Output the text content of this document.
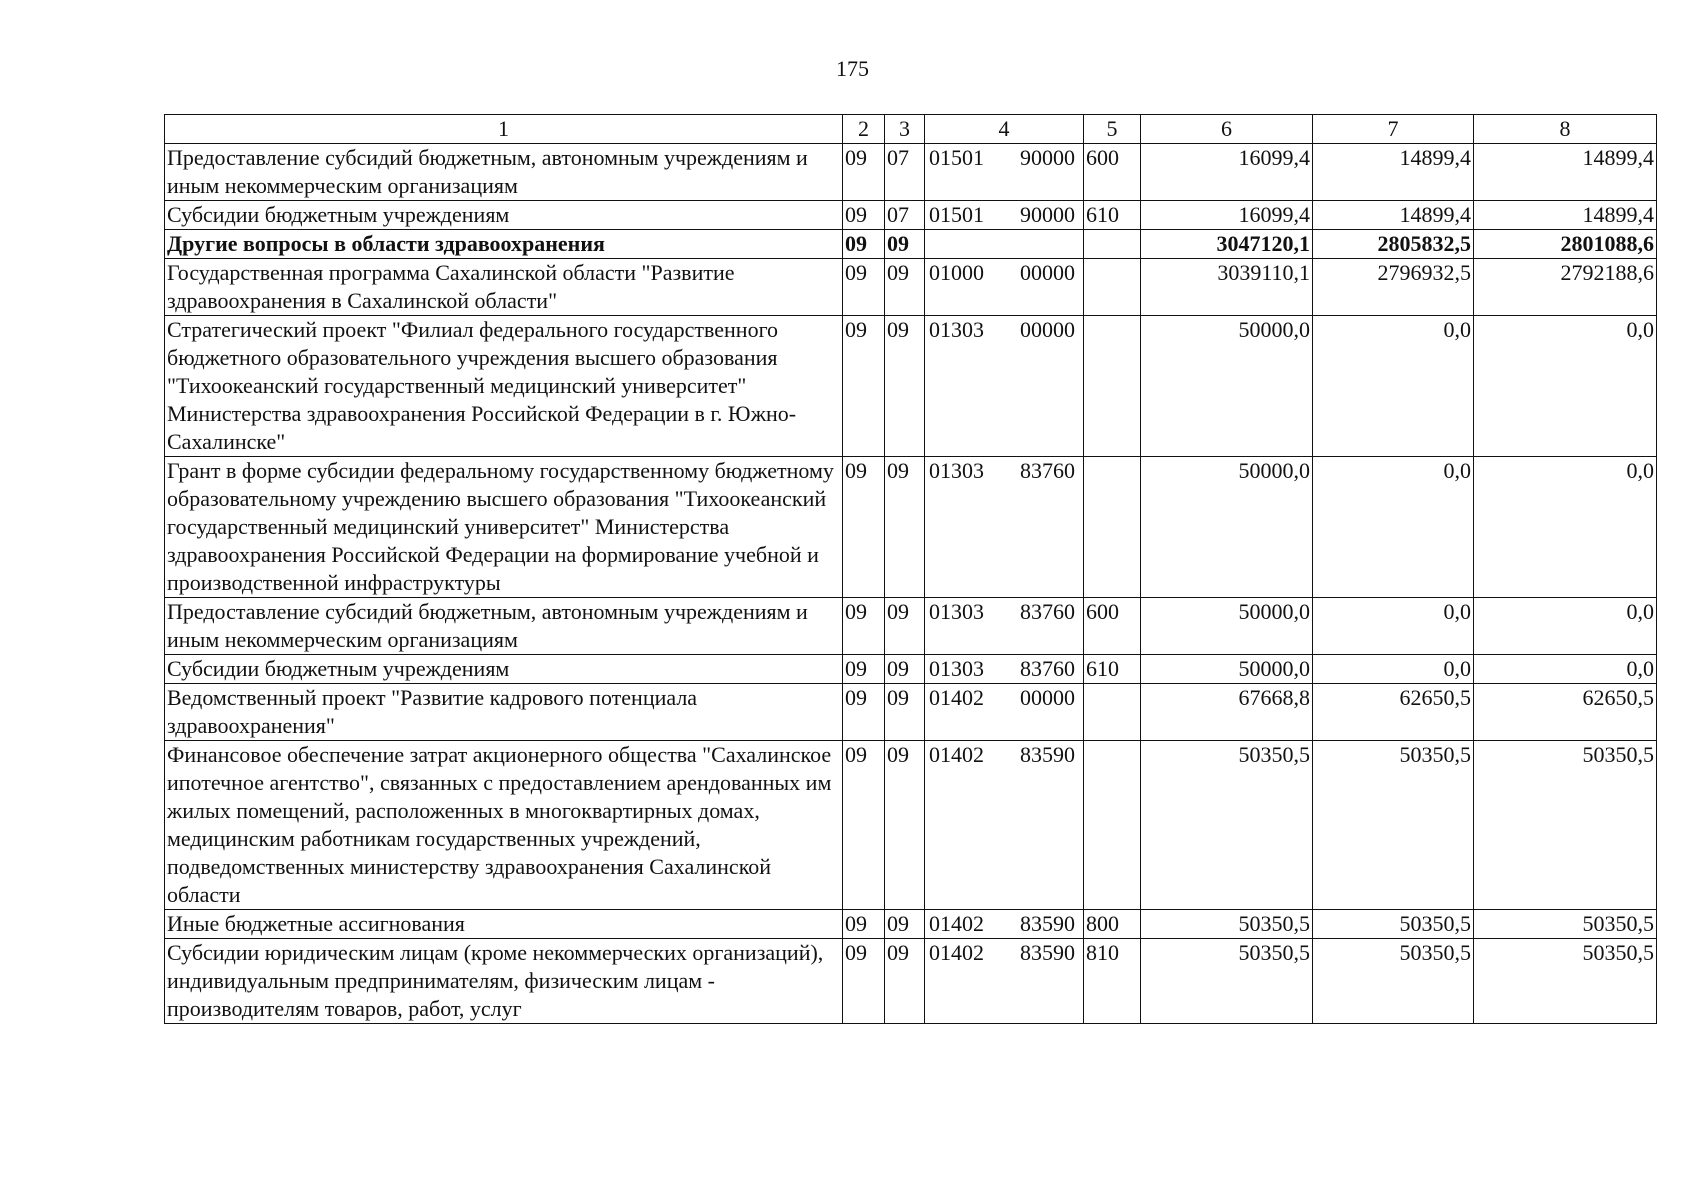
175
1	2	3	4	5	6	7	8
Предоставление субсидий бюджетным, автономным учреждениям и иным некоммерческим организациям	09	07	01501 90000	600	16099,4	14899,4	14899,4
Субсидии бюджетным учреждениям	09	07	01501 90000	610	16099,4	14899,4	14899,4
Другие вопросы в области здравоохранения	09	09			3047120,1	2805832,5	2801088,6
Государственная программа Сахалинской области "Развитие здравоохранения в Сахалинской области"	09	09	01000 00000		3039110,1	2796932,5	2792188,6
Стратегический проект "Филиал федерального государственного бюджетного образовательного учреждения высшего образования "Тихоокеанский государственный медицинский университет" Министерства здравоохранения Российской Федерации в г. Южно-Сахалинске"	09	09	01303 00000		50000,0	0,0	0,0
Грант в форме субсидии федеральному государственному бюджетному образовательному учреждению высшего образования "Тихоокеанский государственный медицинский университет" Министерства здравоохранения Российской Федерации на формирование учебной и производственной инфраструктуры	09	09	01303 83760		50000,0	0,0	0,0
Предоставление субсидий бюджетным, автономным учреждениям и иным некоммерческим организациям	09	09	01303 83760	600	50000,0	0,0	0,0
Субсидии бюджетным учреждениям	09	09	01303 83760	610	50000,0	0,0	0,0
Ведомственный проект "Развитие кадрового потенциала здравоохранения"	09	09	01402 00000		67668,8	62650,5	62650,5
Финансовое обеспечение затрат акционерного общества "Сахалинское ипотечное агентство", связанных с предоставлением арендованных им жилых помещений, расположенных в многоквартирных домах, медицинским работникам государственных учреждений, подведомственных министерству здравоохранения Сахалинской области	09	09	01402 83590		50350,5	50350,5	50350,5
Иные бюджетные ассигнования	09	09	01402 83590	800	50350,5	50350,5	50350,5
Субсидии юридическим лицам (кроме некоммерческих организаций), индивидуальным предпринимателям, физическим лицам - производителям товаров, работ, услуг	09	09	01402 83590	810	50350,5	50350,5	50350,5
